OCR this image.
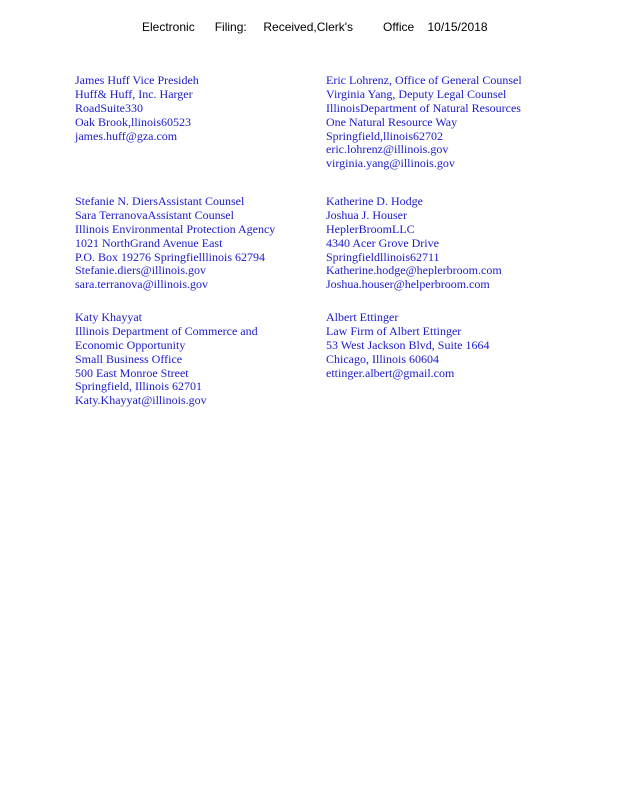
Electronic      Filing:     Received,Clerk's         Office    10/15/2018
James Huff Vice Presideh
Huff& Huff, Inc. Harger
RoadSuite330
Oak Brook,llinois60523
james.huff@gza.com
Eric Lohrenz, Office of General Counsel
Virginia Yang, Deputy Legal Counsel
IllinoisDepartment of Natural Resources
One Natural Resource Way
Springfield,llinois62702
eric.lohrenz@illinois.gov
virginia.yang@illinois.gov
Stefanie N. DiersAssistant Counsel
Sara TerranovaAssistant Counsel
Illinois Environmental Protection Agency
1021 NorthGrand Avenue East
P.O. Box 19276 Springfielllinois 62794
Stefanie.diers@illinois.gov
sara.terranova@illinois.gov
Katherine D. Hodge
Joshua J. Houser
HeplerBroomLLC
4340 Acer Grove Drive
Springfieldllinois62711
Katherine.hodge@heplerbroom.com
Joshua.houser@helperbroom.com
Katy Khayyat
Illinois Department of Commerce and
Economic Opportunity
Small Business Office
500 East Monroe Street
Springfield, Illinois 62701
Katy.Khayyat@illinois.gov
Albert Ettinger
Law Firm of Albert Ettinger
53 West Jackson Blvd, Suite 1664
Chicago, Illinois 60604
ettinger.albert@gmail.com
